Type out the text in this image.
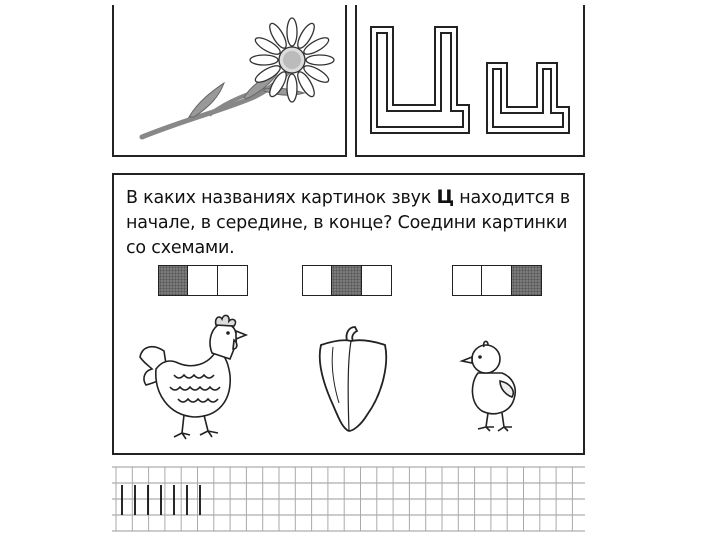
В каких названиях картинок звук Ц находится в начале, в середине, в конце? Соедини картинки со схемами.
